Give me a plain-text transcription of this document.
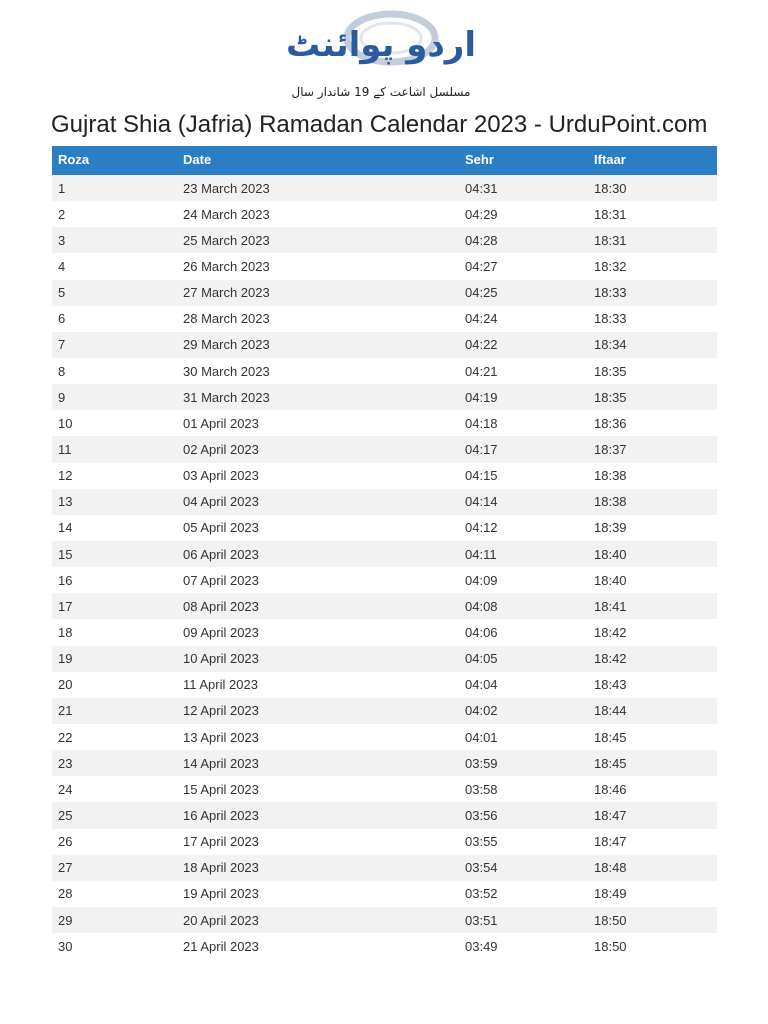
اردو پوائنٹ
مسلسل اشاعت کے 19 شاندار سال
Gujrat Shia (Jafria) Ramadan Calendar 2023 - UrduPoint.com
Roza	Date	Sehr	Iftaar
1	23 March 2023	04:31	18:30
2	24 March 2023	04:29	18:31
3	25 March 2023	04:28	18:31
4	26 March 2023	04:27	18:32
5	27 March 2023	04:25	18:33
6	28 March 2023	04:24	18:33
7	29 March 2023	04:22	18:34
8	30 March 2023	04:21	18:35
9	31 March 2023	04:19	18:35
10	01 April 2023	04:18	18:36
11	02 April 2023	04:17	18:37
12	03 April 2023	04:15	18:38
13	04 April 2023	04:14	18:38
14	05 April 2023	04:12	18:39
15	06 April 2023	04:11	18:40
16	07 April 2023	04:09	18:40
17	08 April 2023	04:08	18:41
18	09 April 2023	04:06	18:42
19	10 April 2023	04:05	18:42
20	11 April 2023	04:04	18:43
21	12 April 2023	04:02	18:44
22	13 April 2023	04:01	18:45
23	14 April 2023	03:59	18:45
24	15 April 2023	03:58	18:46
25	16 April 2023	03:56	18:47
26	17 April 2023	03:55	18:47
27	18 April 2023	03:54	18:48
28	19 April 2023	03:52	18:49
29	20 April 2023	03:51	18:50
30	21 April 2023	03:49	18:50
